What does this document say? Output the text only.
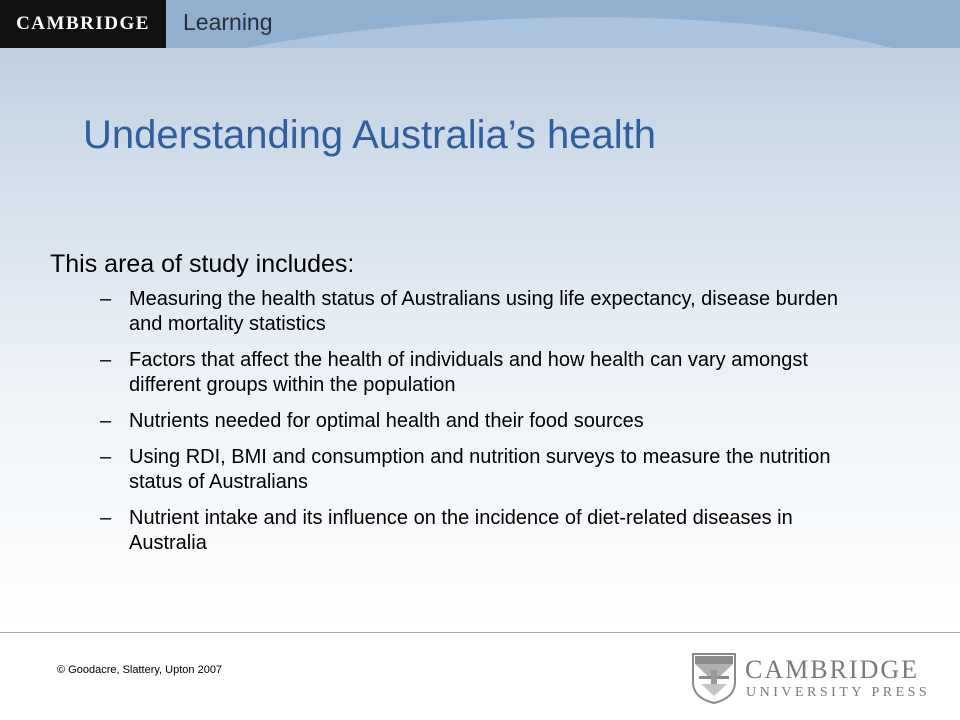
CAMBRIDGE	Learning
Understanding Australia’s health
This area of study includes:
– Measuring the health status of Australians using life expectancy, disease burden and mortality statistics
– Factors that affect the health of individuals and how health can vary amongst different groups within the population
– Nutrients needed for optimal health and their food sources
– Using RDI, BMI and consumption and nutrition surveys to measure the nutrition status of Australians
– Nutrient intake and its influence on the incidence of diet-related diseases in Australia
© Goodacre, Slattery, Upton 2007	CAMBRIDGE
UNIVERSITY PRESS
